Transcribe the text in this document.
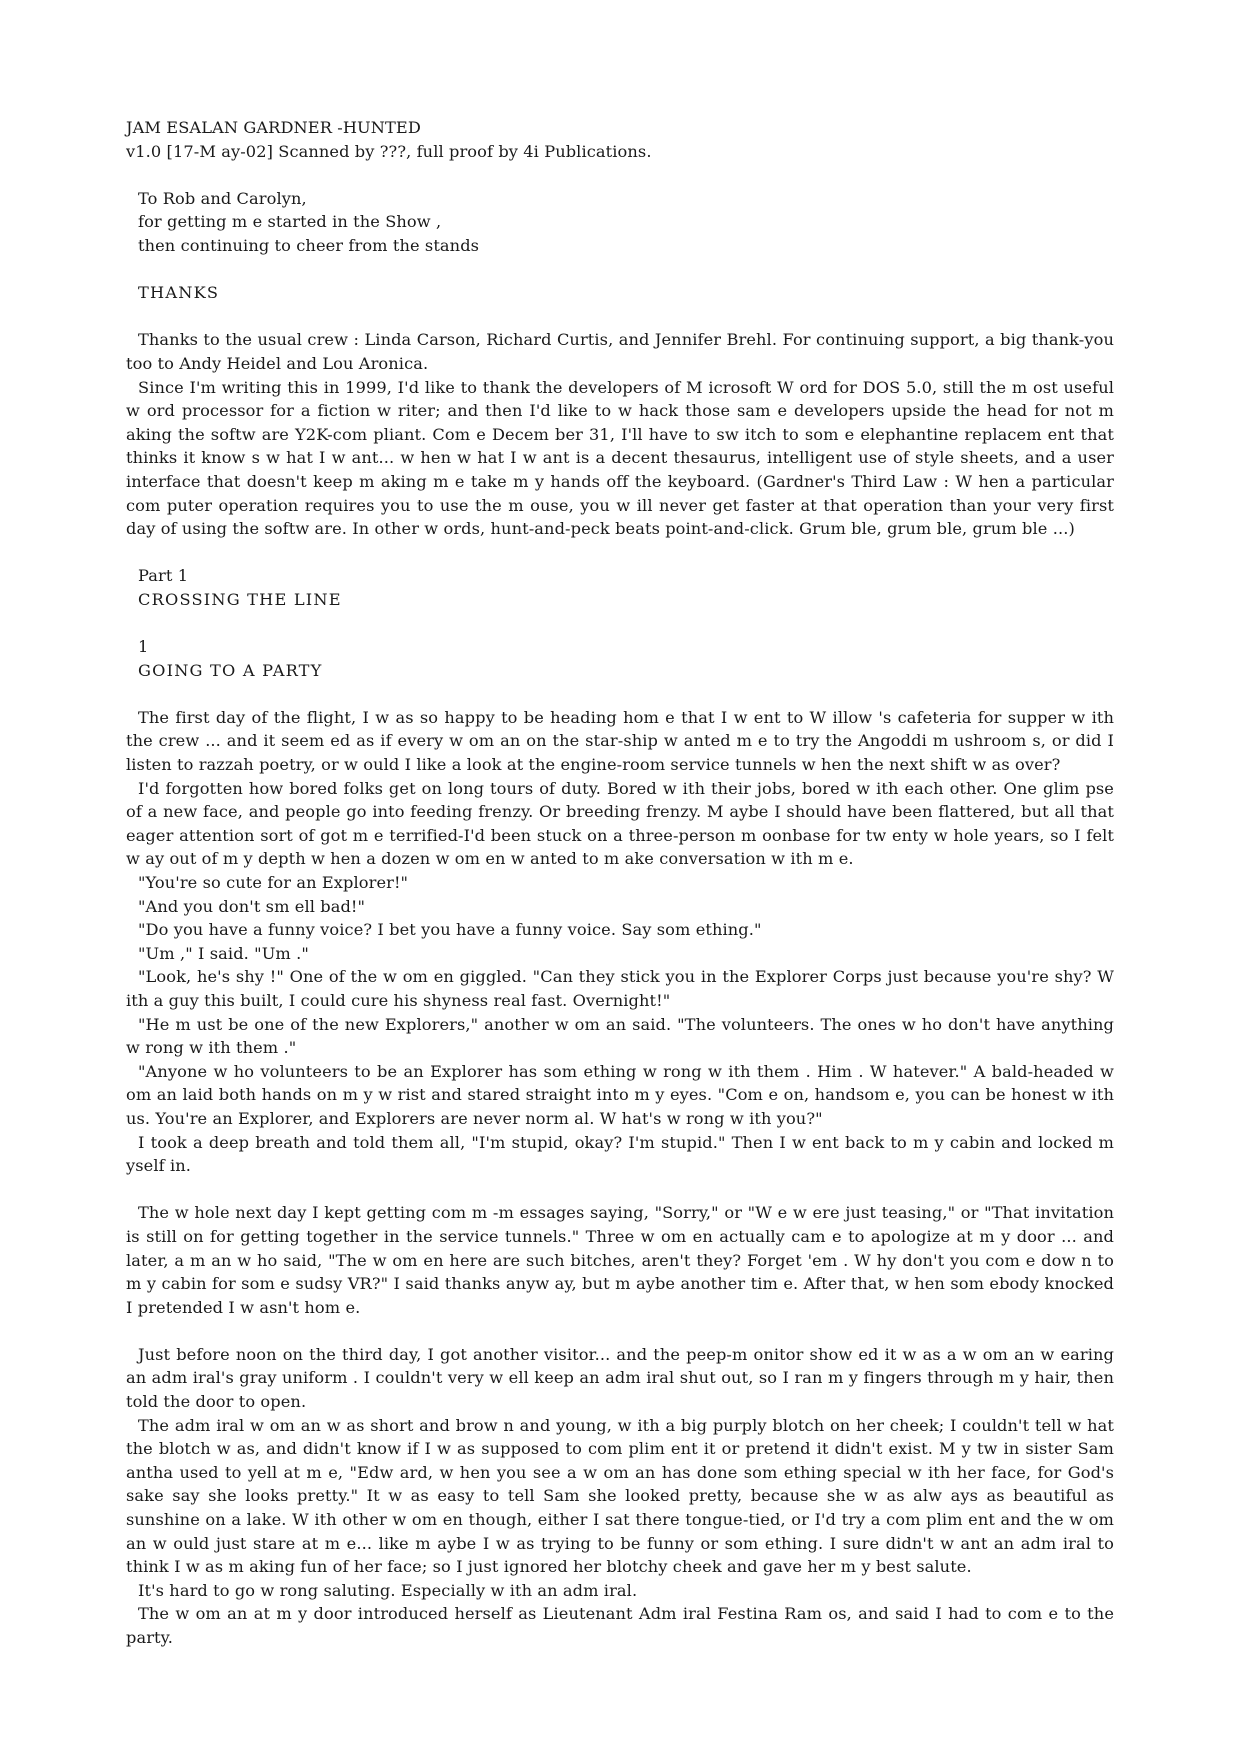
JAM ESALAN GARDNER -HUNTED
v1.0 [17-M ay-02] Scanned by ???, full proof by 4i Publications.
To Rob and Carolyn,
for getting m e started in the Show ,
then continuing to cheer from the stands
THANKS

Thanks to the usual crew : Linda Carson, Richard Curtis, and Jennifer Brehl. For continuing support, a big thank-you too to Andy Heidel and Lou Aronica.

Since I'm writing this in 1999, I'd like to thank the developers of M icrosoft W ord for DOS 5.0, still the m ost useful w ord processor for a fiction w riter; and then I'd like to w hack those sam e developers upside the head for not m aking the softw are Y2K-com pliant. Com e Decem ber 31, I'll have to sw itch to som e elephantine replacem ent that thinks it know s w hat I w ant... w hen w hat I w ant is a decent thesaurus, intelligent use of style sheets, and a user interface that doesn't keep m aking m e take m y hands off the keyboard. (Gardner's Third Law : W hen a particular com puter operation requires you to use the m ouse, you w ill never get faster at that operation than your very first day of using the softw are. In other w ords, hunt-and-peck beats point-and-click. Grum ble, grum ble, grum ble ...)

Part 1
CROSSING THE LINE
1
GOING TO A PARTY

The first day of the flight, I w as so happy to be heading hom e that I w ent to W illow 's cafeteria for supper w ith the crew ... and it seem ed as if every w om an on the star-ship w anted m e to try the Angoddi m ushroom s, or did I listen to razzah poetry, or w ould I like a look at the engine-room service tunnels w hen the next shift w as over?

I'd forgotten how bored folks get on long tours of duty. Bored w ith their jobs, bored w ith each other. One glim pse of a new face, and people go into feeding frenzy. Or breeding frenzy. M aybe I should have been flattered, but all that eager attention sort of got m e terrified-I'd been stuck on a three-person m oonbase for tw enty w hole years, so I felt w ay out of m y depth w hen a dozen w om en w anted to m ake conversation w ith m e.

"You're so cute for an Explorer!"

"And you don't sm ell bad!"

"Do you have a funny voice? I bet you have a funny voice. Say som ething."

"Um ," I said. "Um ."

"Look, he's shy !" One of the w om en giggled. "Can they stick you in the Explorer Corps just because you're shy? W ith a guy this built, I could cure his shyness real fast. Overnight!"

"He m ust be one of the new Explorers," another w om an said. "The volunteers. The ones w ho don't have anything w rong w ith them ."

"Anyone w ho volunteers to be an Explorer has som ething w rong w ith them . Him . W hatever." A bald-headed w om an laid both hands on m y w rist and stared straight into m y eyes. "Com e on, handsom e, you can be honest w ith us. You're an Explorer, and Explorers are never norm al. W hat's w rong w ith you?"

I took a deep breath and told them all, "I'm stupid, okay? I'm stupid." Then I w ent back to m y cabin and locked m yself in.

The w hole next day I kept getting com m -m essages saying, "Sorry," or "W e w ere just teasing," or "That invitation is still on for getting together in the service tunnels." Three w om en actually cam e to apologize at m y door ... and later, a m an w ho said, "The w om en here are such bitches, aren't they? Forget 'em . W hy don't you com e dow n to m y cabin for som e sudsy VR?" I said thanks anyw ay, but m aybe another tim e. After that, w hen som ebody knocked I pretended I w asn't hom e.

Just before noon on the third day, I got another visitor... and the peep-m onitor show ed it w as a w om an w earing an adm iral's gray uniform . I couldn't very w ell keep an adm iral shut out, so I ran m y fingers through m y hair, then told the door to open.

The adm iral w om an w as short and brow n and young, w ith a big purply blotch on her cheek; I couldn't tell w hat the blotch w as, and didn't know if I w as supposed to com plim ent it or pretend it didn't exist. M y tw in sister Sam antha used to yell at m e, "Edw ard, w hen you see a w om an has done som ething special w ith her face, for God's sake say she looks pretty." It w as easy to tell Sam she looked pretty, because she w as alw ays as beautiful as sunshine on a lake. W ith other w om en though, either I sat there tongue-tied, or I'd try a com plim ent and the w om an w ould just stare at m e... like m aybe I w as trying to be funny or som ething. I sure didn't w ant an adm iral to think I w as m aking fun of her face; so I just ignored her blotchy cheek and gave her m y best salute.

It's hard to go w rong saluting. Especially w ith an adm iral.

The w om an at m y door introduced herself as Lieutenant Adm iral Festina Ram os, and said I had to com e to the party.
